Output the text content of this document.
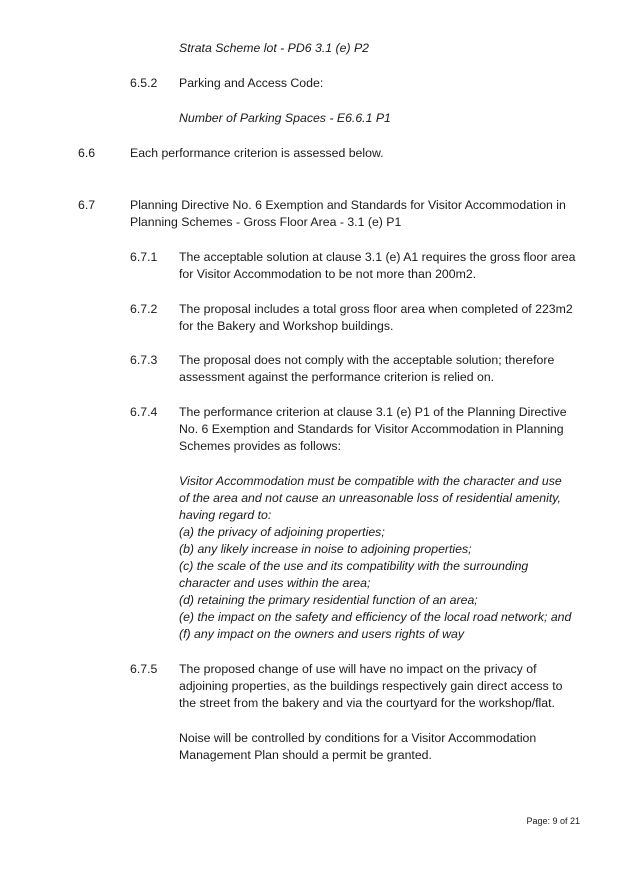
Strata Scheme lot - PD6 3.1 (e) P2
6.5.2 Parking and Access Code:
Number of Parking Spaces - E6.6.1 P1
6.6	Each performance criterion is assessed below.
6.7	Planning Directive No. 6 Exemption and Standards for Visitor Accommodation in
Planning Schemes - Gross Floor Area - 3.1 (e) P1
6.7.1 The acceptable solution at clause 3.1 (e) A1 requires the gross floor area
for Visitor Accommodation to be not more than 200m2.
6.7.2 The proposal includes a total gross floor area when completed of 223m2
for the Bakery and Workshop buildings.
6.7.3 The proposal does not comply with the acceptable solution; therefore
assessment against the performance criterion is relied on.
6.7.4 The performance criterion at clause 3.1 (e) P1 of the Planning Directive
No. 6 Exemption and Standards for Visitor Accommodation in Planning
Schemes provides as follows:
Visitor Accommodation must be compatible with the character and use
of the area and not cause an unreasonable loss of residential amenity,
having regard to:
(a) the privacy of adjoining properties;
(b) any likely increase in noise to adjoining properties;
(c) the scale of the use and its compatibility with the surrounding
character and uses within the area;
(d) retaining the primary residential function of an area;
(e) the impact on the safety and efficiency of the local road network; and
(f) any impact on the owners and users rights of way
6.7.5 The proposed change of use will have no impact on the privacy of
adjoining properties, as the buildings respectively gain direct access to
the street from the bakery and via the courtyard for the workshop/flat.
Noise will be controlled by conditions for a Visitor Accommodation
Management Plan should a permit be granted.
Page: 9 of 21
